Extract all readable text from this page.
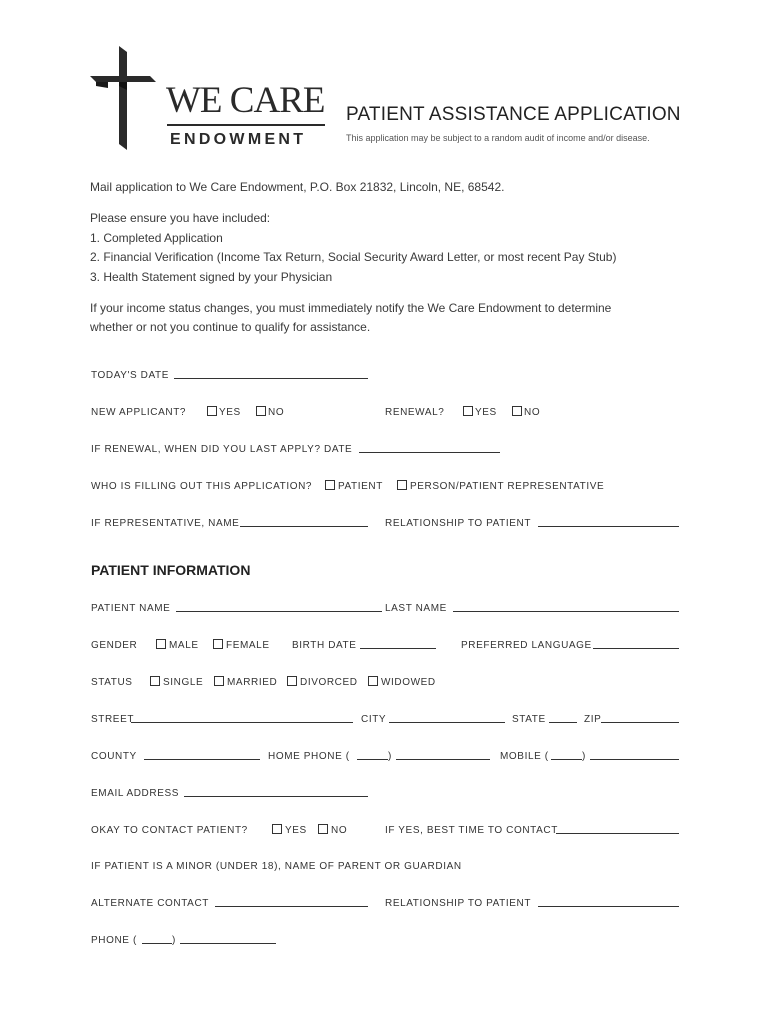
WE CARE
ENDOWMENT
PATIENT ASSISTANCE APPLICATION
This application may be subject to a random audit of income and/or disease.
Mail application to We Care Endowment, P.O. Box 21832, Lincoln, NE, 68542.
Please ensure you have included:
1. Completed Application
2. Financial Verification (Income Tax Return, Social Security Award Letter, or most recent Pay Stub)
3. Health Statement signed by your Physician
If your income status changes, you must immediately notify the We Care Endowment to determine
whether or not you continue to qualify for assistance.
TODAY'S DATE
NEW APPLICANT?	YES	NO	RENEWAL?	YES	NO
IF RENEWAL, WHEN DID YOU LAST APPLY? DATE
WHO IS FILLING OUT THIS APPLICATION?	PATIENT	PERSON/PATIENT REPRESENTATIVE
IF REPRESENTATIVE, NAME	RELATIONSHIP TO PATIENT
PATIENT INFORMATION
PATIENT NAME	LAST NAME
GENDER	MALE	FEMALE BIRTH DATE	PREFERRED LANGUAGE
STATUS	SINGLE MARRIED DIVORCED WIDOWED
STREET	CITY	STATE	ZIP
COUNTY	HOME PHONE (	)	MOBILE (	)
EMAIL ADDRESS
OKAY TO CONTACT PATIENT?	YES NO	IF YES, BEST TIME TO CONTACT
IF PATIENT IS A MINOR (UNDER 18), NAME OF PARENT OR GUARDIAN
ALTERNATE CONTACT	RELATIONSHIP TO PATIENT
PHONE (	)
